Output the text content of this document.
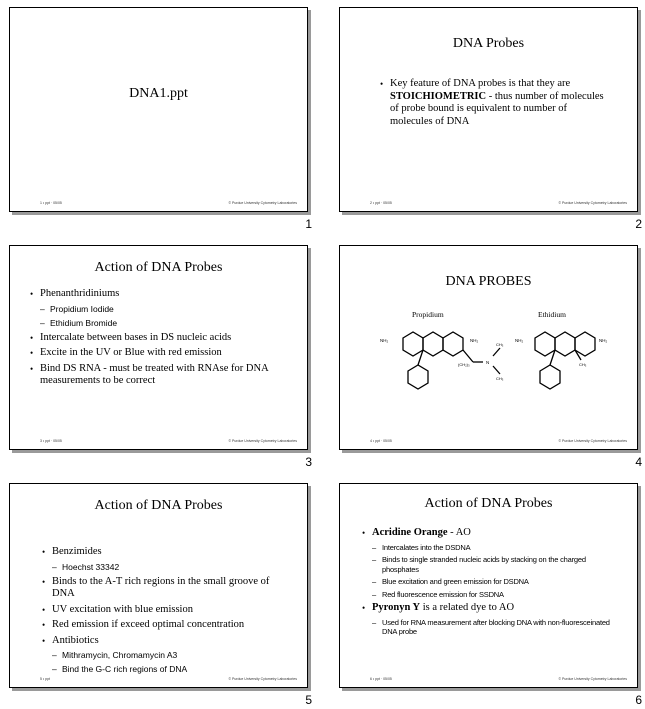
DNA1.ppt
1 • ppt · 05/05	© Purdue University Cytometry Laboratories
1
DNA Probes
• Key feature of DNA probes is that they are STOICHIOMETRIC - thus number of molecules of probe bound is equivalent to number of molecules of DNA
2 • ppt · 05/05	© Purdue University Cytometry Laboratories
2
Action of DNA Probes
• Phenanthridiniums
– Propidium Iodide
– Ethidium Bromide
• Intercalate between bases in DS nucleic acids
• Excite in the UV or Blue with red emission
• Bind DS RNA - must be treated with RNAse for DNA measurements to be correct
3 • ppt · 05/05	© Purdue University Cytometry Laboratories
3
DNA PROBES
Propidium	Ethidium
NH₂	NH₂
(CH₂)₃	N
CH₃
CH₃
NH₂	NH₂
CH₃
4 • ppt · 05/05	© Purdue University Cytometry Laboratories
4
Action of DNA Probes
• Benzimides
– Hoechst 33342
• Binds to the A-T rich regions in the small groove of DNA
• UV excitation with blue emission
• Red emission if exceed optimal concentration
• Antibiotics
– Mithramycin, Chromamycin A3
– Bind the G-C rich regions of DNA
5 • ppt	© Purdue University Cytometry Laboratories
5
Action of DNA Probes
• Acridine Orange - AO
– Intercalates into the DSDNA
– Binds to single stranded nucleic acids by stacking on the charged phosphates
– Blue excitation and green emission for DSDNA
– Red fluorescence emission for SSDNA
• Pyronyn Y is a related dye to AO
– Used for RNA measurement after blocking DNA with non-fluoresceinated DNA probe
6 • ppt · 05/05	© Purdue University Cytometry Laboratories
6
